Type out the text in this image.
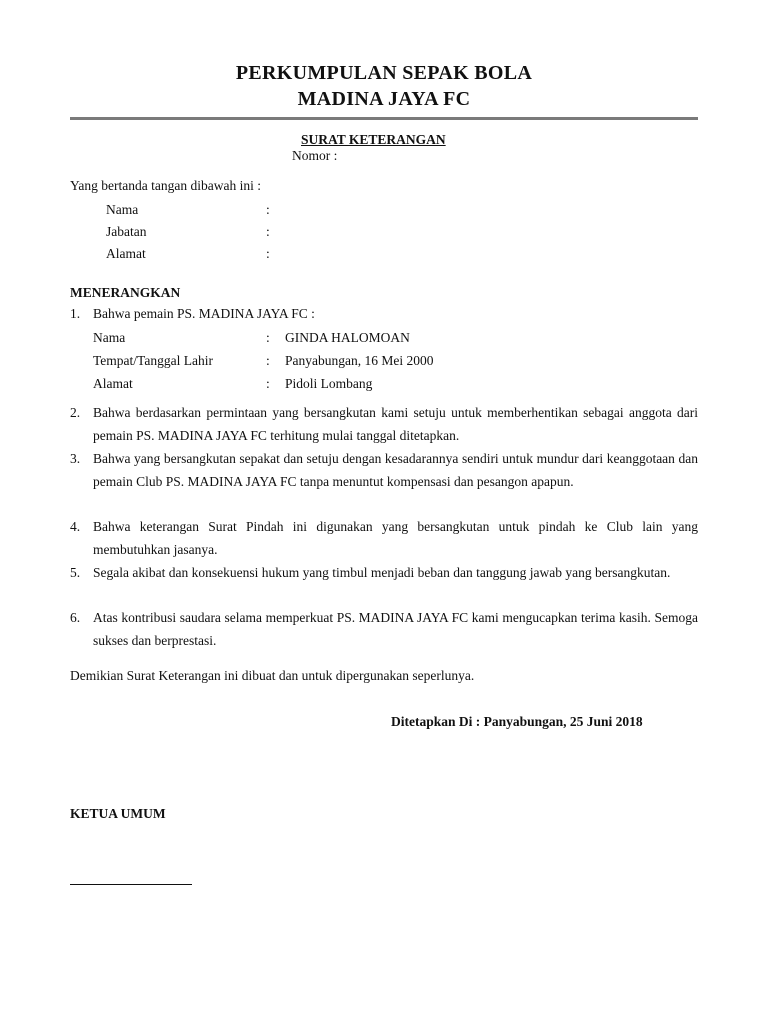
PERKUMPULAN SEPAK BOLA
MADINA JAYA FC
SURAT KETERANGAN
Nomor :
Yang bertanda tangan dibawah ini :
Nama	:
Jabatan	:
Alamat	:
MENERANGKAN
1. Bahwa pemain PS. MADINA JAYA FC :
Nama	: GINDA HALOMOAN
Tempat/Tanggal Lahir	: Panyabungan, 16 Mei 2000
Alamat	: Pidoli Lombang
2. Bahwa berdasarkan permintaan yang bersangkutan kami setuju untuk memberhentikan sebagai anggota dari pemain PS. MADINA JAYA FC terhitung mulai tanggal ditetapkan.
3. Bahwa yang bersangkutan sepakat dan setuju dengan kesadarannya sendiri untuk mundur dari keanggotaan dan pemain Club PS. MADINA JAYA FC tanpa menuntut kompensasi dan pesangon apapun.
4. Bahwa keterangan Surat Pindah ini digunakan yang bersangkutan untuk pindah ke Club lain yang membutuhkan jasanya.
5. Segala akibat dan konsekuensi hukum yang timbul menjadi beban dan tanggung jawab yang bersangkutan.
6. Atas kontribusi saudara selama memperkuat PS. MADINA JAYA FC kami mengucapkan terima kasih. Semoga sukses dan berprestasi.
Demikian Surat Keterangan ini dibuat dan untuk dipergunakan seperlunya.
Ditetapkan Di : Panyabungan, 25 Juni 2018
KETUA UMUM
